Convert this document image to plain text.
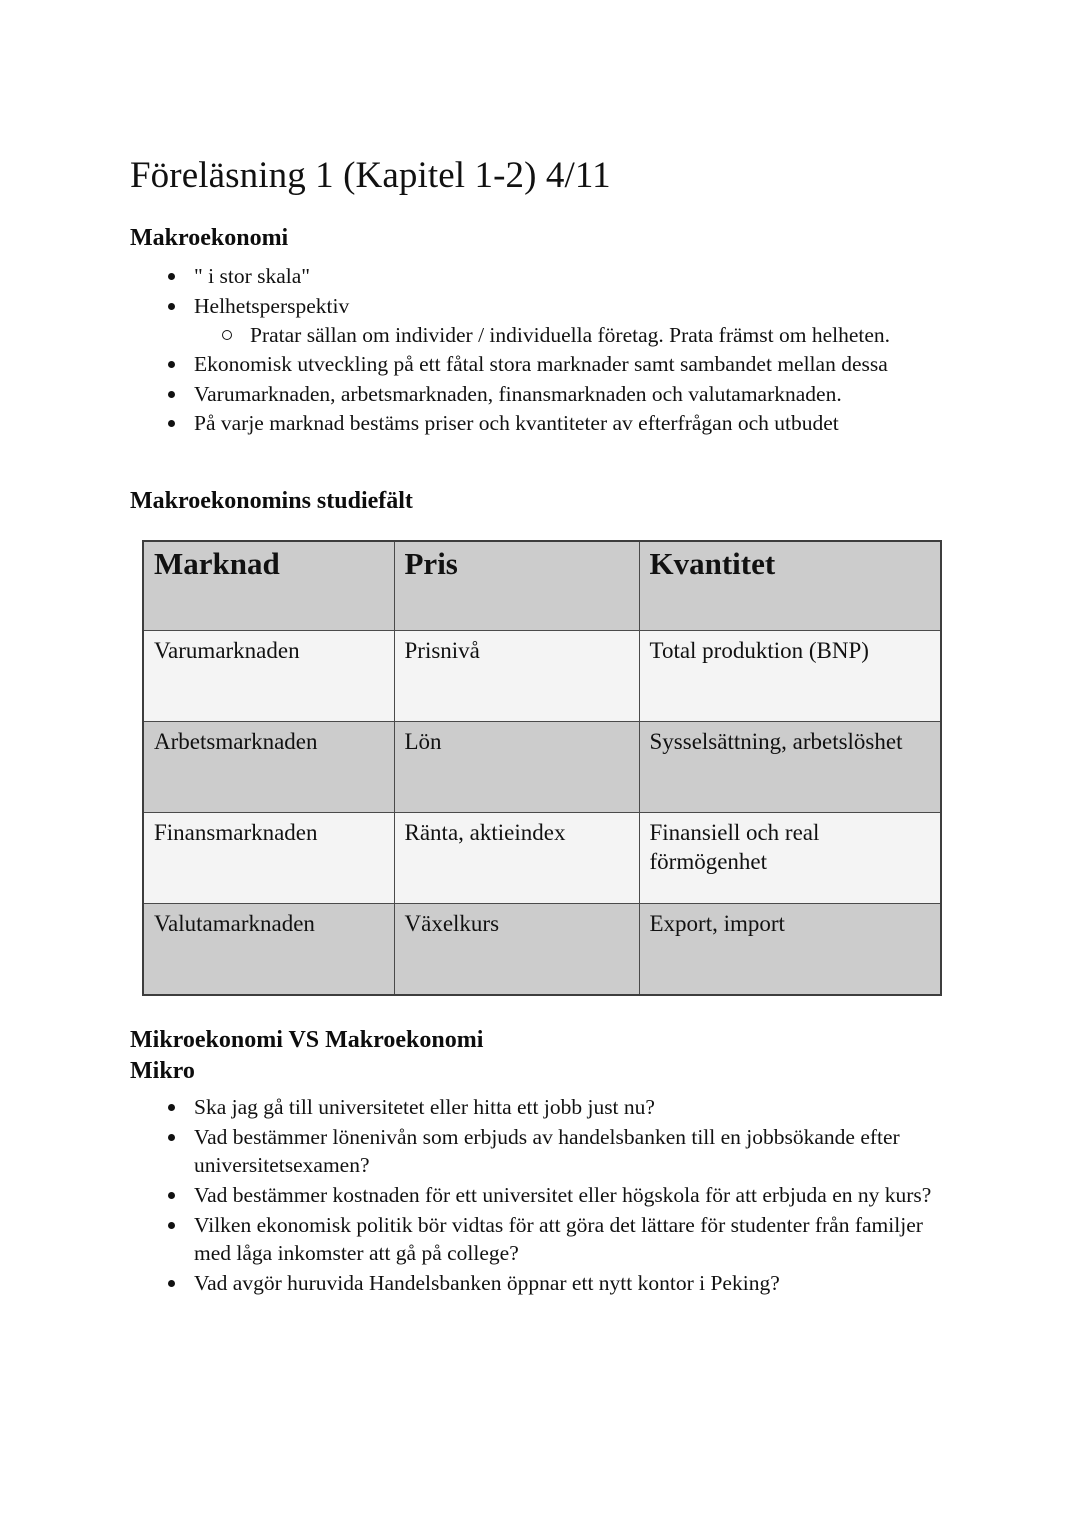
Föreläsning 1 (Kapitel 1-2) 4/11
Makroekonomi
" i stor skala"
Helhetsperspektiv
Pratar sällan om individer / individuella företag. Prata främst om helheten.
Ekonomisk utveckling på ett fåtal stora marknader samt sambandet mellan dessa
Varumarknaden, arbetsmarknaden, finansmarknaden och valutamarknaden.
På varje marknad bestäms priser och kvantiteter av efterfrågan och utbudet
Makroekonomins studiefält
Marknad	Pris	Kvantitet
Varumarknaden	Prisnivå	Total produktion (BNP)
Arbetsmarknaden	Lön	Sysselsättning, arbetslöshet
Finansmarknaden	Ränta, aktieindex	Finansiell och real förmögenhet
Valutamarknaden	Växelkurs	Export, import
Mikroekonomi VS Makroekonomi
Mikro
Ska jag gå till universitetet eller hitta ett jobb just nu?
Vad bestämmer lönenivån som erbjuds av handelsbanken till en jobbsökande efter universitetsexamen?
Vad bestämmer kostnaden för ett universitet eller högskola för att erbjuda en ny kurs?
Vilken ekonomisk politik bör vidtas för att göra det lättare för studenter från familjer med låga inkomster att gå på college?
Vad avgör huruvida Handelsbanken öppnar ett nytt kontor i Peking?
